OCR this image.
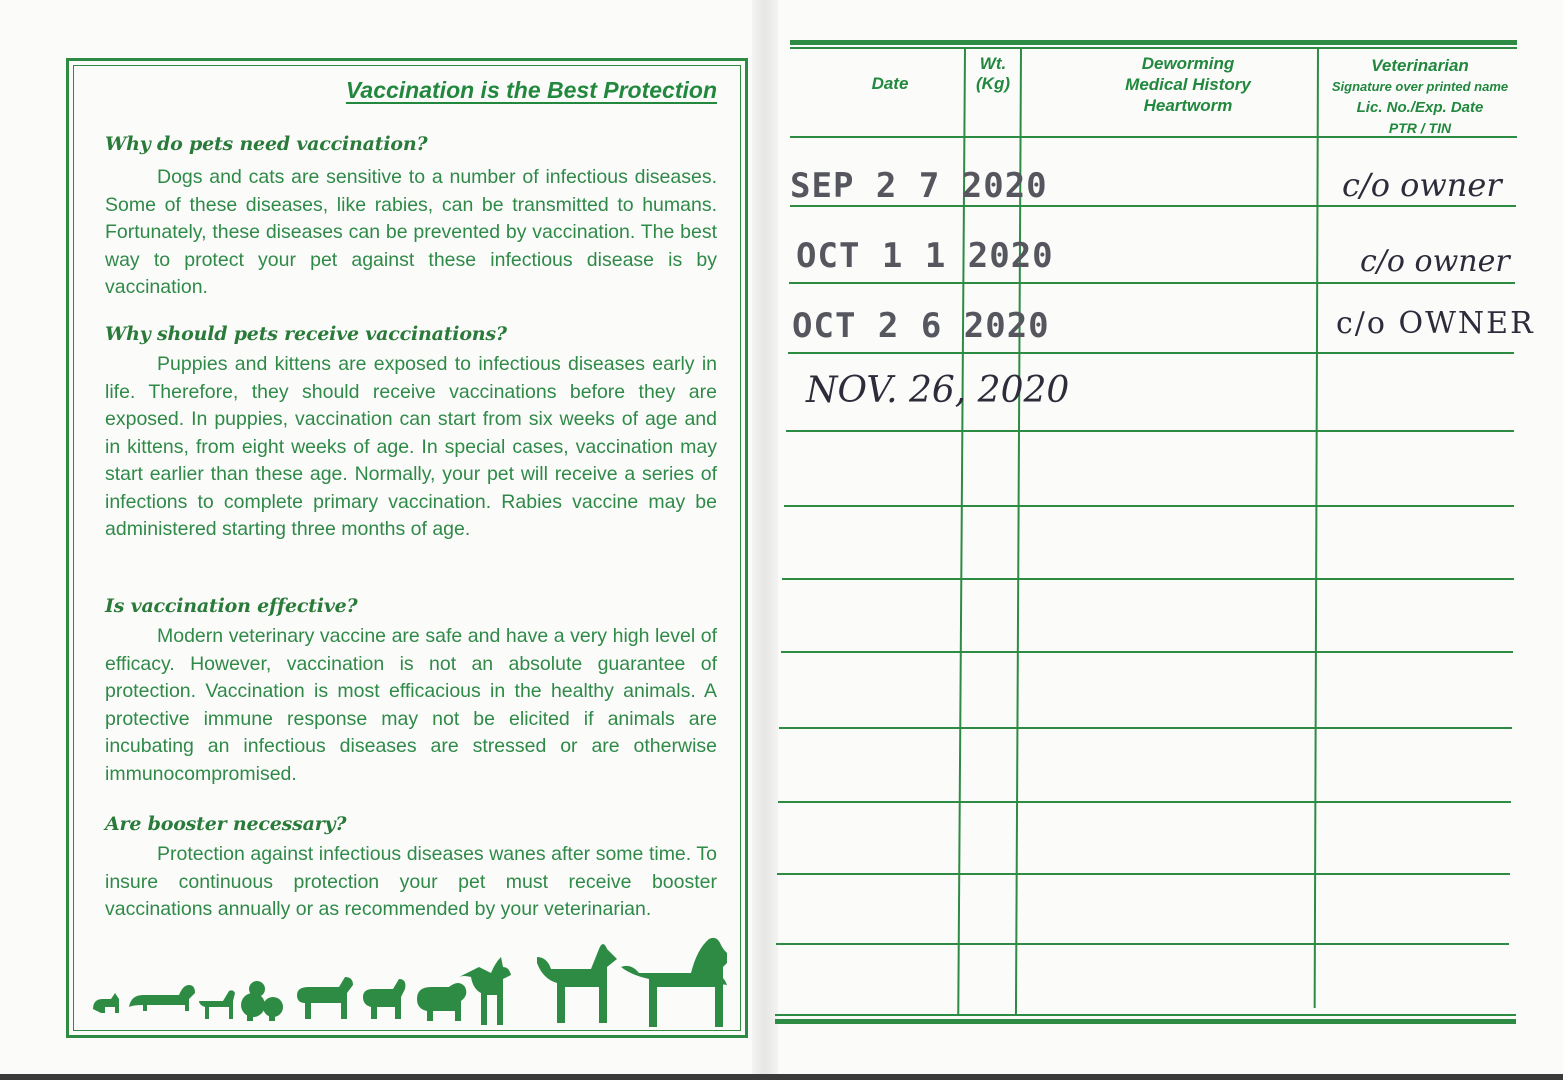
Vaccination is the Best Protection
Why do pets need vaccination?
Dogs and cats are sensitive to a number of infectious diseases. Some of these diseases, like rabies, can be transmitted to humans. Fortunately, these diseases can be prevented by vaccination. The best way to protect your pet against these infectious disease is by vaccination.
Why should pets receive vaccinations?
Puppies and kittens are exposed to infectious diseases early in life. Therefore, they should receive vaccinations before they are exposed. In puppies, vaccination can start from six weeks of age and in kittens, from eight weeks of age. In special cases, vaccination may start earlier than these age. Normally, your pet will receive a series of infections to complete primary vaccination. Rabies vaccine may be administered starting three months of age.
Is vaccination effective?
Modern veterinary vaccine are safe and have a very high level of efficacy. However, vaccination is not an absolute guarantee of protection. Vaccination is most efficacious in the healthy animals. A protective immune response may not be elicited if animals are incubating an infectious diseases are stressed or are otherwise immunocompromised.
Are booster necessary?
Protection against infectious diseases wanes after some time. To insure continuous protection your pet must receive booster vaccinations annually or as recommended by your veterinarian.
Date
Wt.
(Kg)
Deworming
Medical History
Heartworm
Veterinarian
Signature over printed name
Lic. No./Exp. Date
PTR / TIN
SEP 2 7 2020
OCT 1 1 2020
OCT 2 6 2020
NOV. 26, 2020
c/o owner
c/o owner
c/o OWNER
